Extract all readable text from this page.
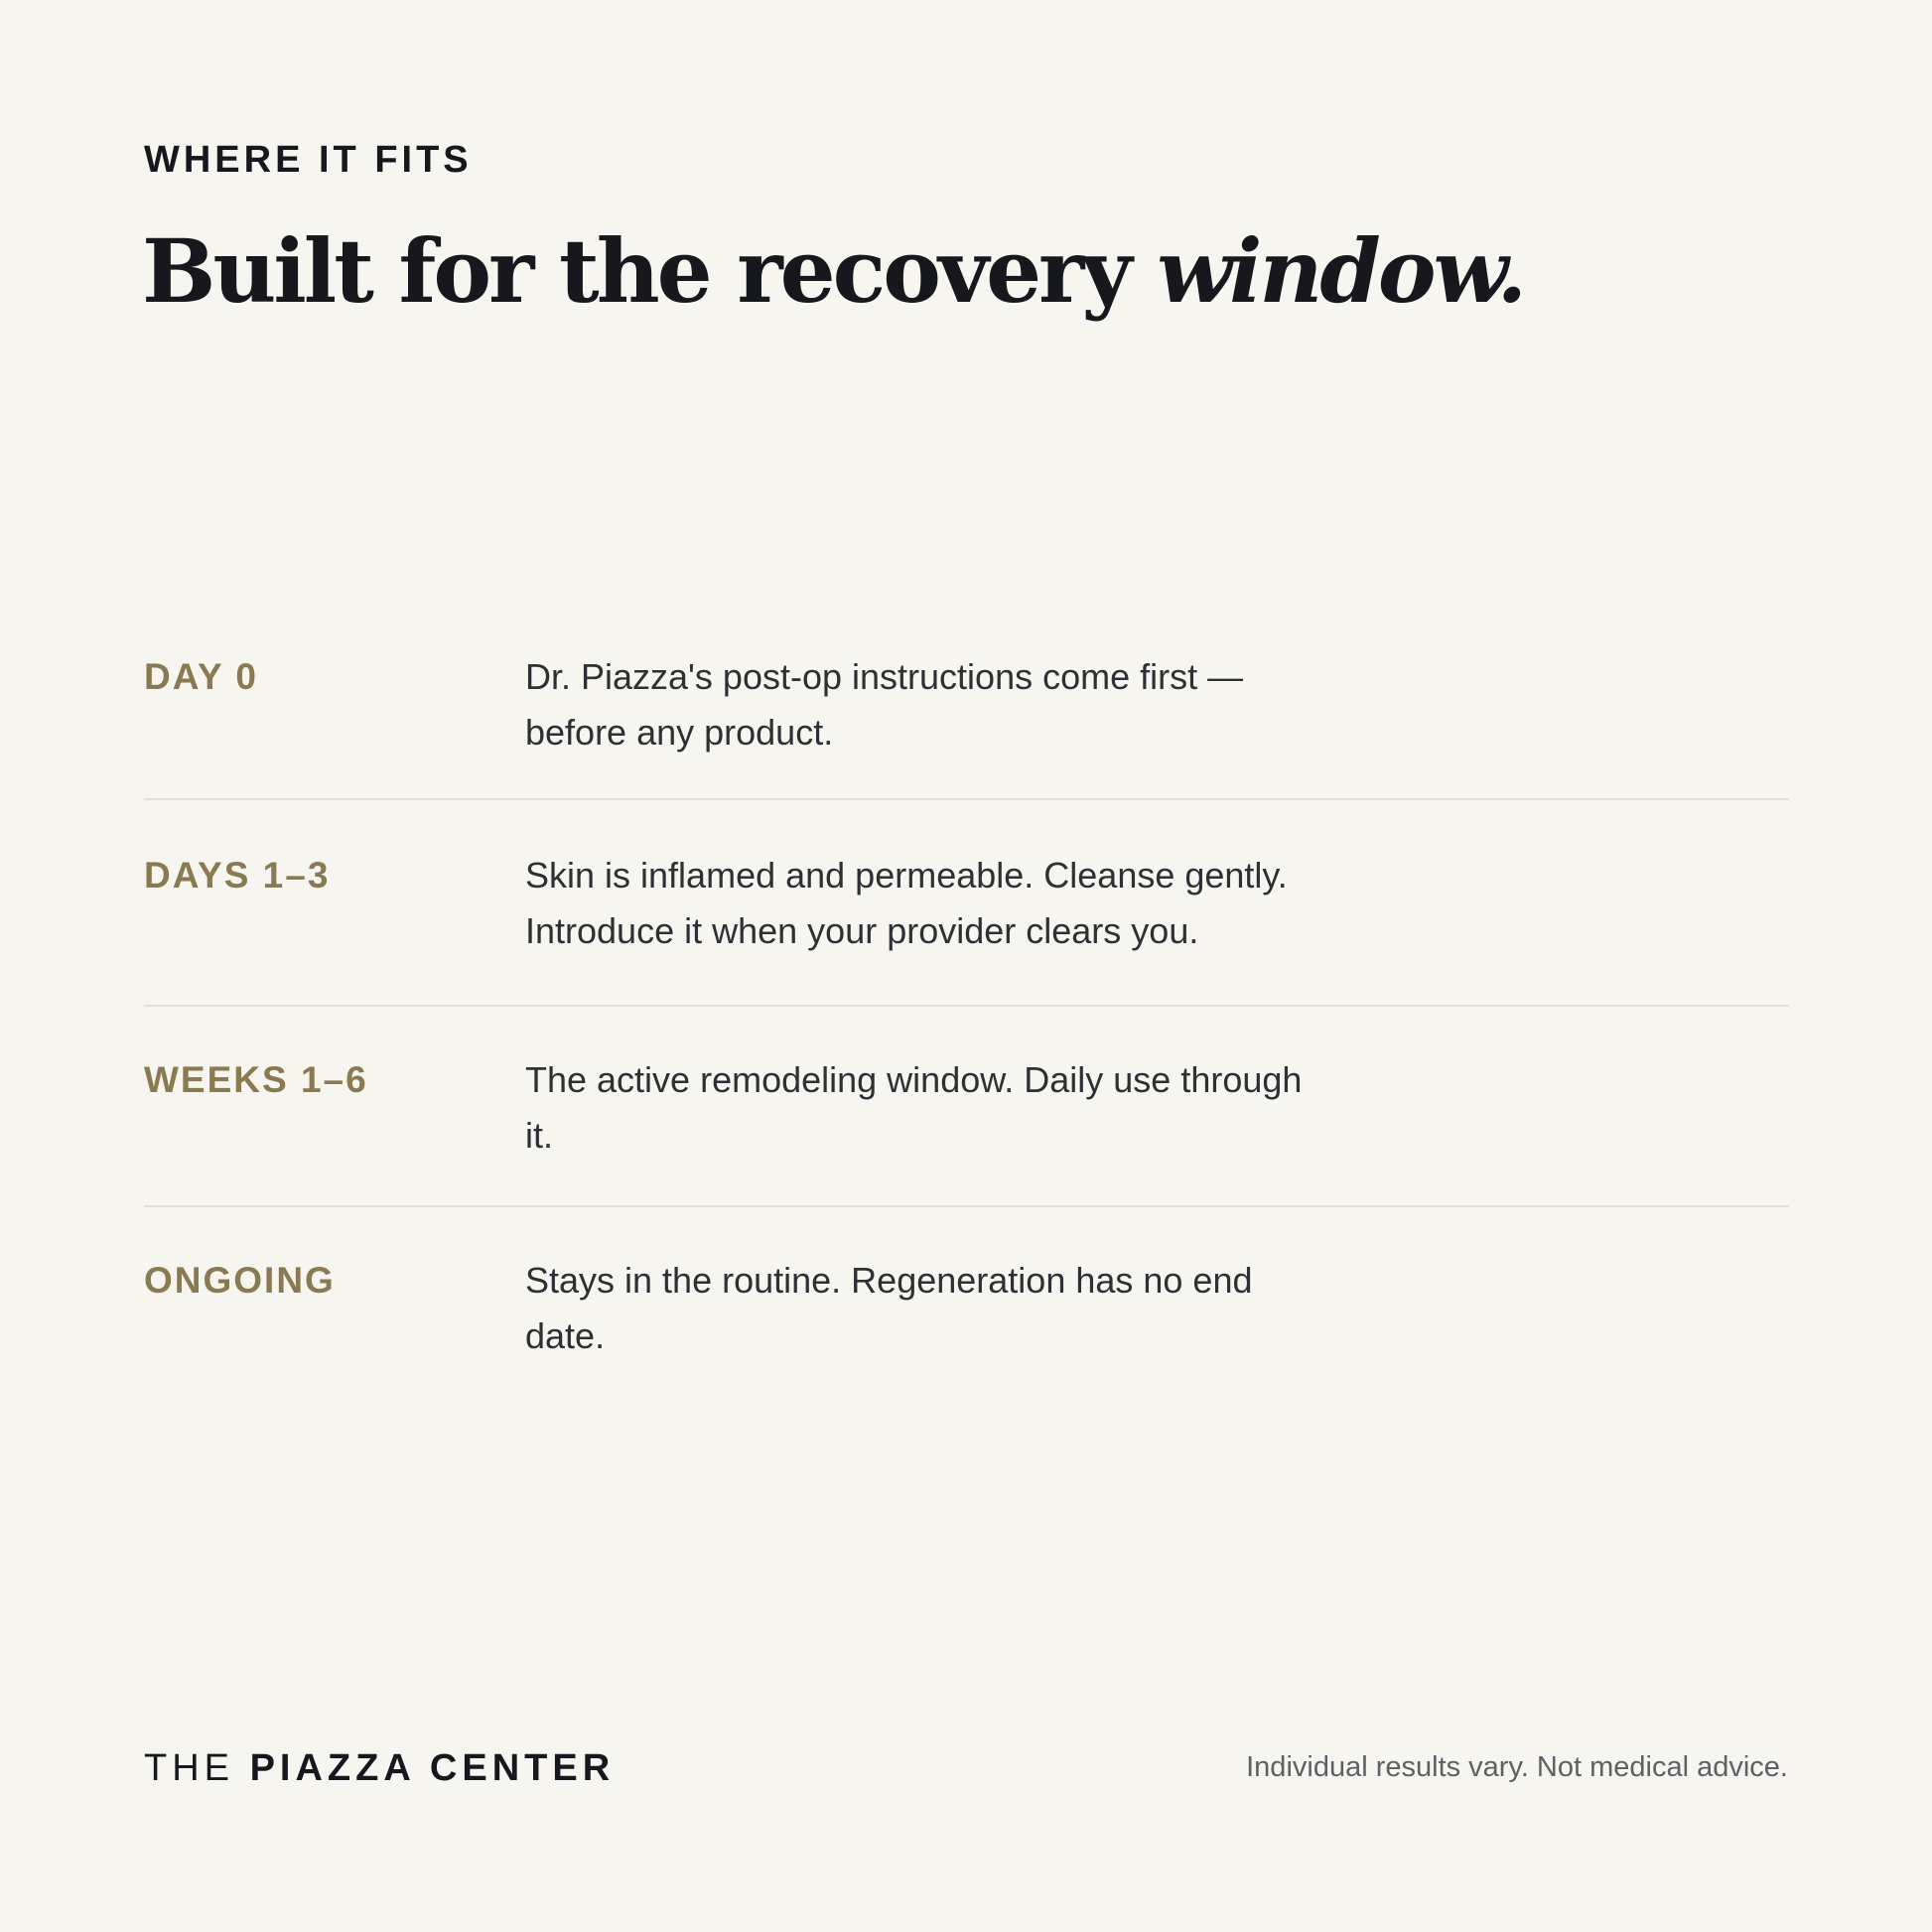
WHERE IT FITS
Built for the recovery window.
DAY 0	Dr. Piazza's post-op instructions come first — before any product.
DAYS 1–3	Skin is inflamed and permeable. Cleanse gently. Introduce it when your provider clears you.
WEEKS 1–6	The active remodeling window. Daily use through it.
ONGOING	Stays in the routine. Regeneration has no end date.
THE PIAZZA CENTER	Individual results vary. Not medical advice.
